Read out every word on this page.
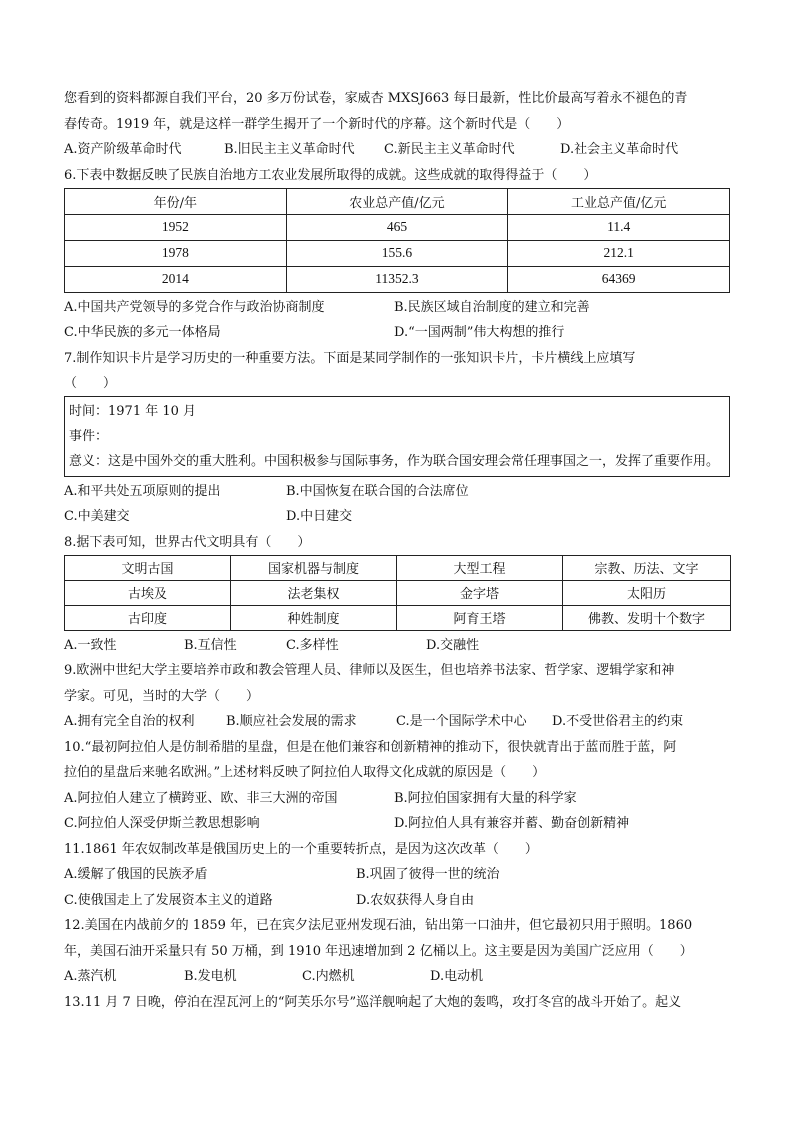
您看到的资料都源自我们平台，20 多万份试卷，家威杏 MXSJ663 每日最新，性比价最高写着永不褪色的青
春传奇。1919 年，就是这样一群学生揭开了一个新时代的序幕。这个新时代是（　　）
A.资产阶级革命时代	B.旧民主主义革命时代	C.新民主主义革命时代	D.社会主义革命时代
6.下表中数据反映了民族自治地方工农业发展所取得的成就。这些成就的取得得益于（　　）
年份/年	农业总产值/亿元	工业总产值/亿元
1952	465	11.4
1978	155.6	212.1
2014	11352.3	64369
A.中国共产党领导的多党合作与政治协商制度	B.民族区域自治制度的建立和完善
C.中华民族的多元一体格局	D.“一国两制”伟大构想的推行
7.制作知识卡片是学习历史的一种重要方法。下面是某同学制作的一张知识卡片，卡片横线上应填写
（　　）
时间：1971 年 10 月
事件：
意义：这是中国外交的重大胜利。中国积极参与国际事务，作为联合国安理会常任理事国之一，发挥了重要作用。
A.和平共处五项原则的提出	B.中国恢复在联合国的合法席位
C.中美建交	D.中日建交
8.据下表可知，世界古代文明具有（　　）
文明古国	国家机器与制度	大型工程	宗教、历法、文字
古埃及	法老集权	金字塔	太阳历
古印度	种姓制度	阿育王塔	佛教、发明十个数字
A.一致性	B.互信性	C.多样性	D.交融性
9.欧洲中世纪大学主要培养市政和教会管理人员、律师以及医生，但也培养书法家、哲学家、逻辑学家和神
学家。可见，当时的大学（　　）
A.拥有完全自治的权利	B.顺应社会发展的需求	C.是一个国际学术中心	D.不受世俗君主的约束
10.“最初阿拉伯人是仿制希腊的星盘，但是在他们兼容和创新精神的推动下，很快就青出于蓝而胜于蓝，阿
拉伯的星盘后来驰名欧洲。”上述材料反映了阿拉伯人取得文化成就的原因是（　　）
A.阿拉伯人建立了横跨亚、欧、非三大洲的帝国	B.阿拉伯国家拥有大量的科学家
C.阿拉伯人深受伊斯兰教思想影响	D.阿拉伯人具有兼容并蓄、勤奋创新精神
11.1861 年农奴制改革是俄国历史上的一个重要转折点，是因为这次改革（　　）
A.缓解了俄国的民族矛盾	B.巩固了彼得一世的统治
C.使俄国走上了发展资本主义的道路	D.农奴获得人身自由
12.美国在内战前夕的 1859 年，已在宾夕法尼亚州发现石油，钻出第一口油井，但它最初只用于照明。1860
年，美国石油开采量只有 50 万桶，到 1910 年迅速增加到 2 亿桶以上。这主要是因为美国广泛应用（　　）
A.蒸汽机	B.发电机	C.内燃机	D.电动机
13.11 月 7 日晚，停泊在涅瓦河上的“阿芙乐尔号”巡洋舰响起了大炮的轰鸣，攻打冬宫的战斗开始了。起义
